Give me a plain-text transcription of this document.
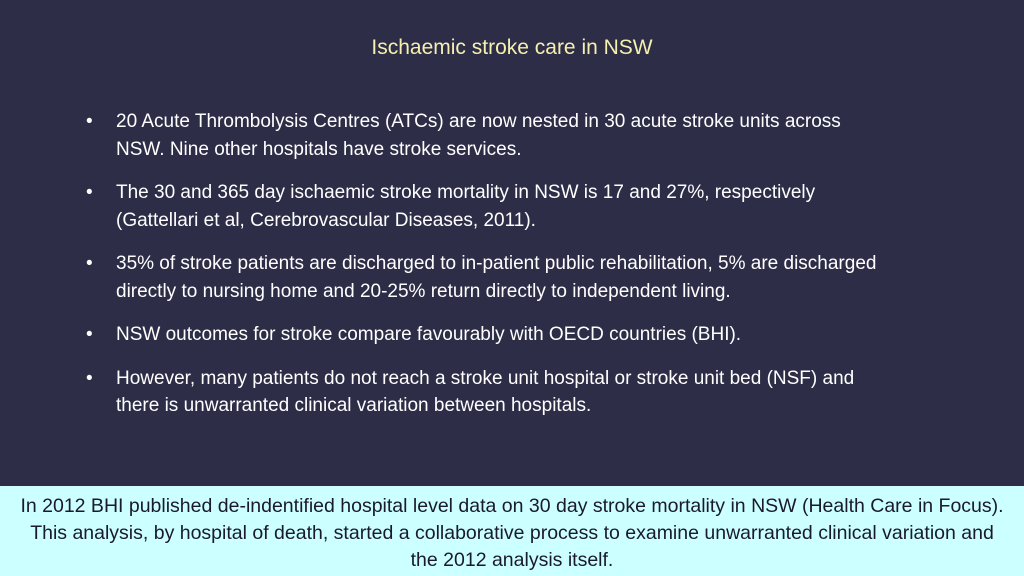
Ischaemic stroke care in NSW
• 20 Acute Thrombolysis Centres (ATCs) are now nested in 30 acute stroke units across NSW. Nine other hospitals have stroke services.
• The 30 and 365 day ischaemic stroke mortality in NSW is 17 and 27%, respectively (Gattellari et al, Cerebrovascular Diseases, 2011).
• 35% of stroke patients are discharged to in-patient public rehabilitation, 5% are discharged directly to nursing home and 20-25% return directly to independent living.
• NSW outcomes for stroke compare favourably with OECD countries (BHI).
• However, many patients do not reach a stroke unit hospital or stroke unit bed (NSF) and there is unwarranted clinical variation between hospitals.
In 2012 BHI published de-indentified hospital level data on 30 day stroke mortality in NSW (Health Care in Focus). This analysis, by hospital of death, started a collaborative process to examine unwarranted clinical variation and the 2012 analysis itself.
